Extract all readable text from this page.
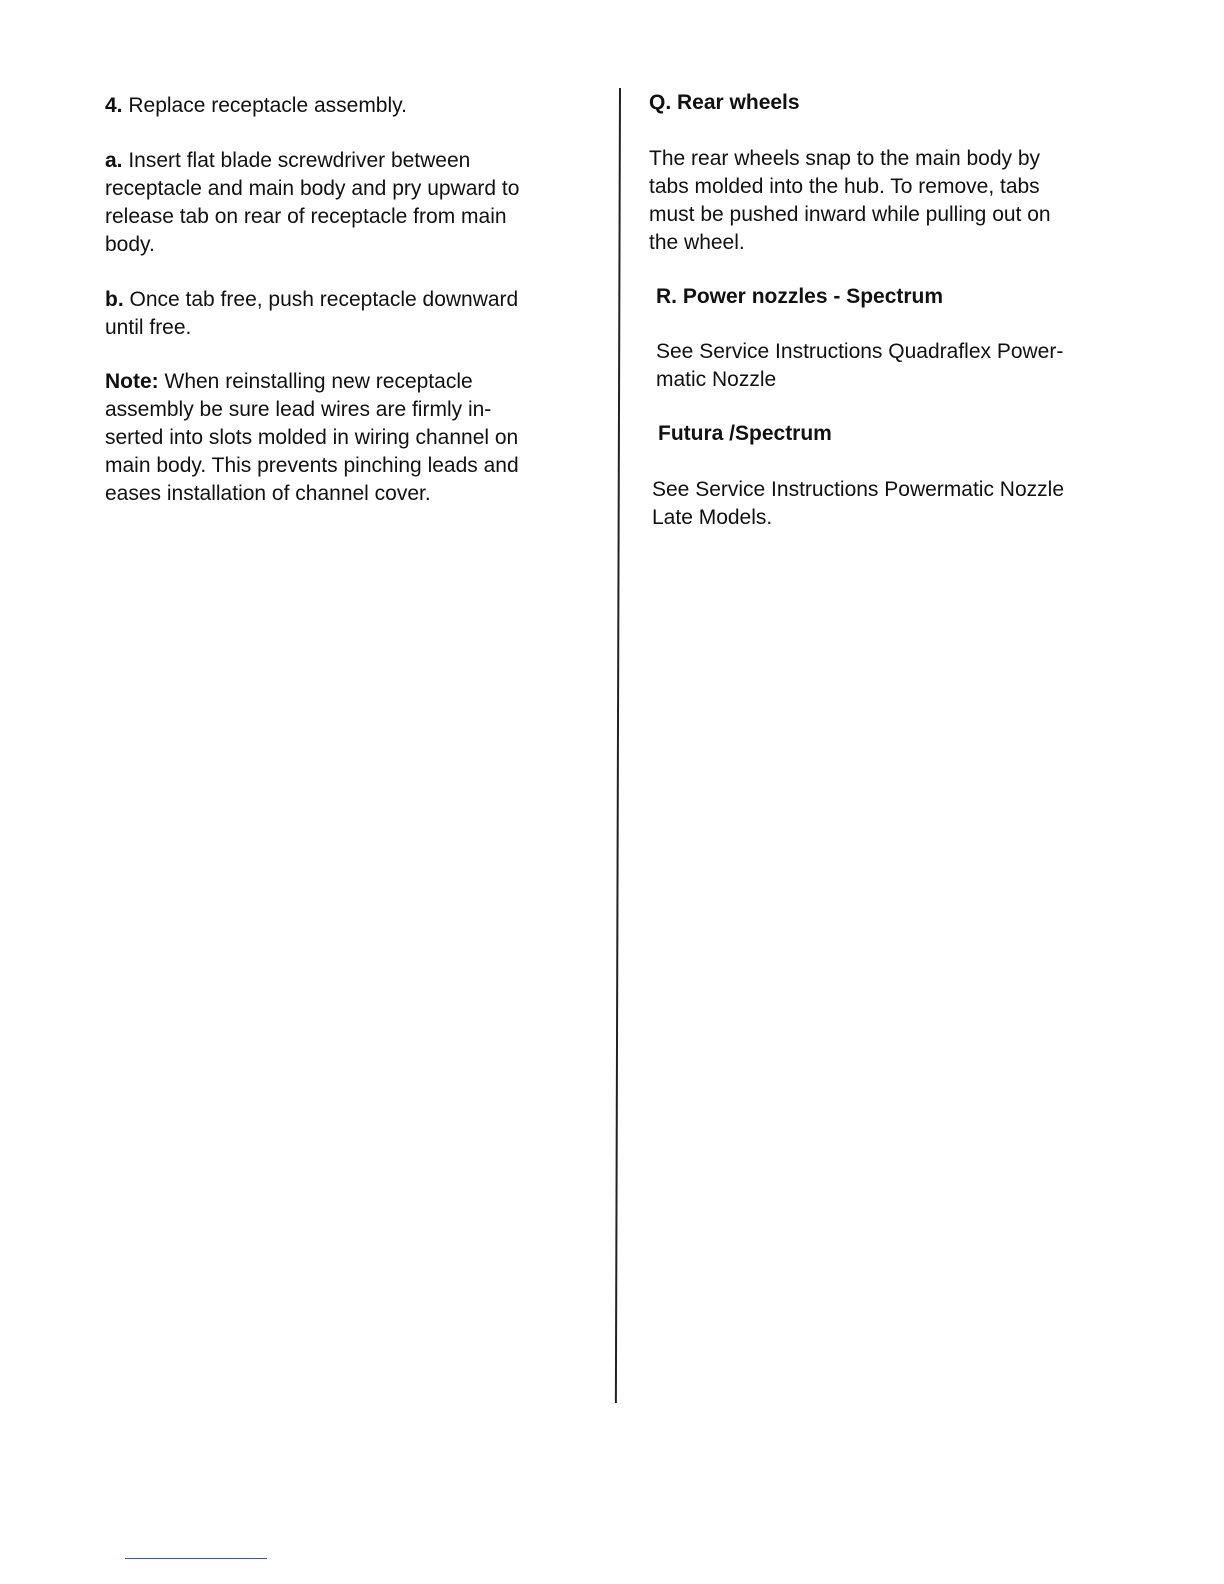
4. Replace receptacle assembly.

a. Insert flat blade screwdriver between

receptacle and main body and pry upward to

release tab on rear of receptacle from main

body.

b. Once tab free, push receptacle downward

until free.

Note: When reinstalling new receptacle

assembly be sure lead wires are firmly in-

serted into slots molded in wiring channel on

main body. This prevents pinching leads and

eases installation of channel cover.

Q. Rear wheels

The rear wheels snap to the main body by

tabs molded into the hub. To remove, tabs

must be pushed inward while pulling out on

the wheel.

R. Power nozzles - Spectrum

See Service Instructions Quadraflex Power-

matic Nozzle

Futura /Spectrum

See Service Instructions Powermatic Nozzle

Late Models.
